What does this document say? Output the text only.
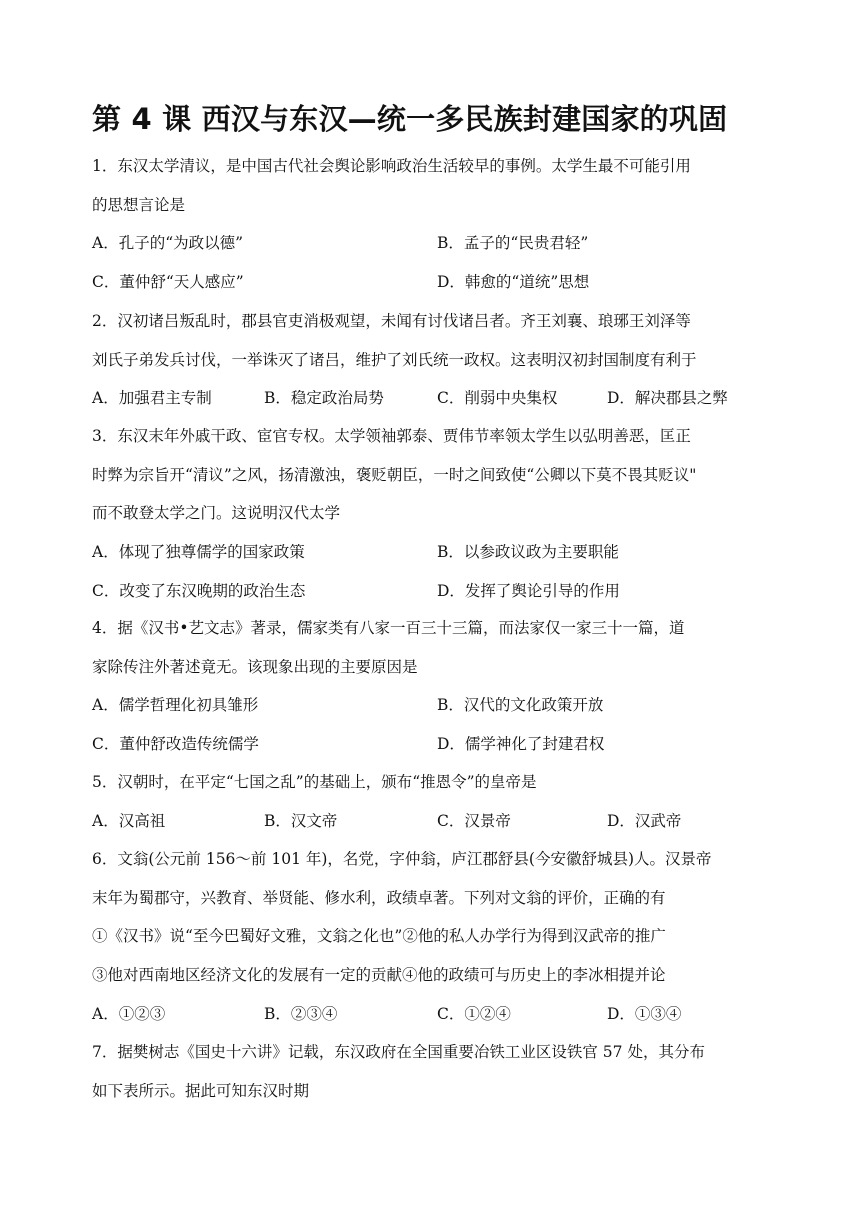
第 4 课 西汉与东汉—统一多民族封建国家的巩固
1．东汉太学清议，是中国古代社会舆论影响政治生活较早的事例。太学生最不可能引用
的思想言论是
A．孔子的“为政以德”	B．孟子的“民贵君轻”
C．董仲舒“天人感应”	D．韩愈的“道统”思想
2．汉初诸吕叛乱时，郡县官吏消极观望，未闻有讨伐诸吕者。齐王刘襄、琅琊王刘泽等
刘氏子弟发兵讨伐，一举诛灭了诸吕，维护了刘氏统一政权。这表明汉初封国制度有利于
A．加强君主专制	B．稳定政治局势	C．削弱中央集权	D．解决郡县之弊
3．东汉末年外戚干政、宦官专权。太学领袖郭泰、贾伟节率领太学生以弘明善恶，匡正
时弊为宗旨开“清议”之风，扬清激浊，褒贬朝臣，一时之间致使“公卿以下莫不畏其贬议"
而不敢登太学之门。这说明汉代太学
A．体现了独尊儒学的国家政策	B．以参政议政为主要职能
C．改变了东汉晚期的政治生态	D．发挥了舆论引导的作用
4．据《汉书•艺文志》著录，儒家类有八家一百三十三篇，而法家仅一家三十一篇，道
家除传注外著述竟无。该现象出现的主要原因是
A．儒学哲理化初具雏形	B．汉代的文化政策开放
C．董仲舒改造传统儒学	D．儒学神化了封建君权
5．汉朝时，在平定“七国之乱”的基础上，颁布“推恩令”的皇帝是
A．汉高祖	B．汉文帝	C．汉景帝	D．汉武帝
6．文翁(公元前 156～前 101 年)，名党，字仲翁，庐江郡舒县(今安徽舒城县)人。汉景帝
末年为蜀郡守，兴教育、举贤能、修水利，政绩卓著。下列对文翁的评价，正确的有
①《汉书》说“至今巴蜀好文雅，文翁之化也”②他的私人办学行为得到汉武帝的推广
③他对西南地区经济文化的发展有一定的贡献④他的政绩可与历史上的李冰相提并论
A．①②③	B．②③④	C．①②④	D．①③④
7．据樊树志《国史十六讲》记载，东汉政府在全国重要冶铁工业区设铁官 57 处，其分布
如下表所示。据此可知东汉时期
